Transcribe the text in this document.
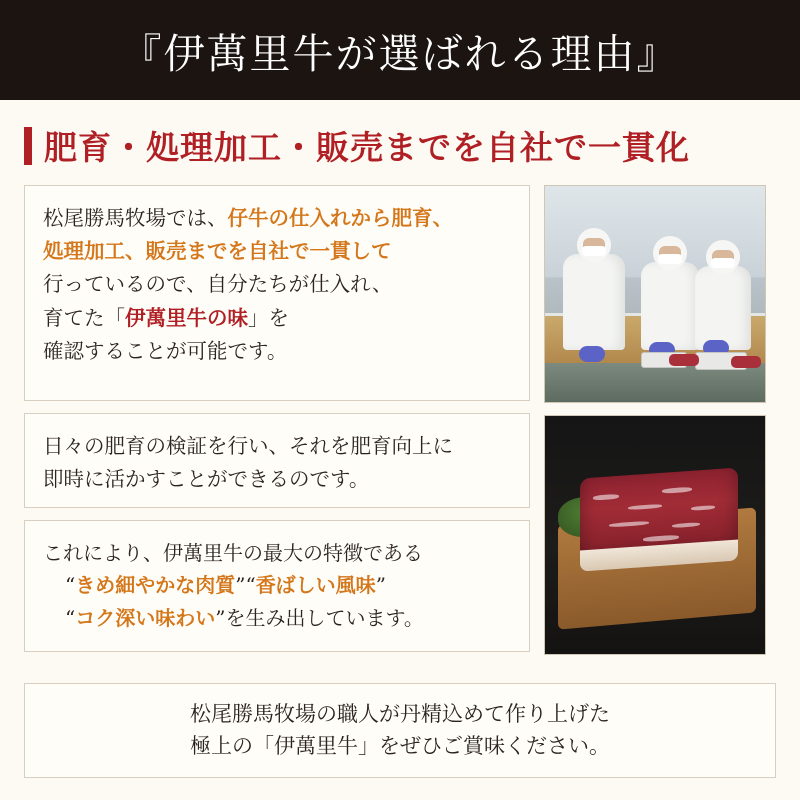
『伊萬里牛が選ばれる理由』
肥育・処理加工・販売までを自社で一貫化
松尾勝馬牧場では、仔牛の仕入れから肥育、
処理加工、販売までを自社で一貫して
行っているので、自分たちが仕入れ、
育てた「伊萬里牛の味」を
確認することが可能です。
日々の肥育の検証を行い、それを肥育向上に
即時に活かすことができるのです。
これにより、伊萬里牛の最大の特徴である
“きめ細やかな肉質”“香ばしい風味”
“コク深い味わい”を生み出しています。
松尾勝馬牧場の職人が丹精込めて作り上げた
極上の「伊萬里牛」をぜひご賞味ください。
